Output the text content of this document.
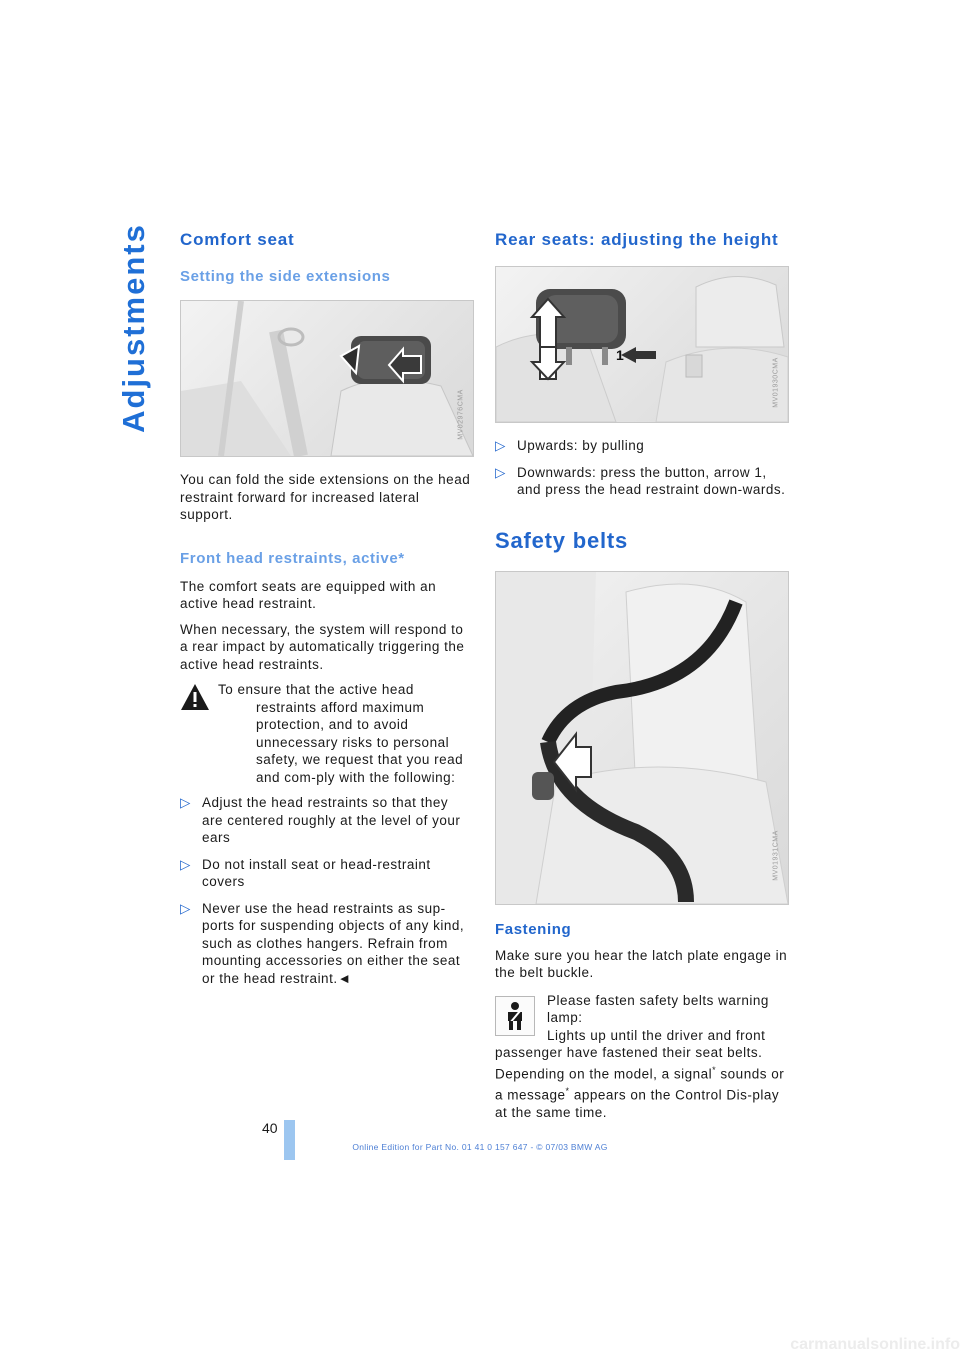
Adjustments Comfort seat
Setting the side extensions
MV02976CMA

You can fold the side extensions on the head restraint forward for increased lateral support.

Front head restraints, active*

The comfort seats are equipped with an active head restraint.

When necessary, the system will respond to a rear impact by automatically triggering the active head restraints.

To ensure that the active head restraints afford maximum protection, and to avoid unnecessary risks to personal safety, we request that you read and com-ply with the following:

▷ Adjust the head restraints so that they are centered roughly at the level of your ears
▷ Do not install seat or head-restraint covers
▷ Never use the head restraints as sup-ports for suspending objects of any kind, such as clothes hangers. Refrain from mounting accessories on either the seat or the head restraint.◄
Rear seats: adjusting the height
1
MV01930CMA
▷ Upwards: by pulling
▷ Downwards: press the button, arrow 1, and press the head restraint down-wards.
Safety belts
MV01931CMA
Fastening

Make sure you hear the latch plate engage in the belt buckle.

Please fasten safety belts warning lamp:

Lights up until the driver and front passenger have fastened their seat belts.

Depending on the model, a signal* sounds or a message* appears on the Control Dis-play at the same time.

40
Online Edition for Part No. 01 41 0 157 647 - © 07/03 BMW AG
carmanualsonline.info
